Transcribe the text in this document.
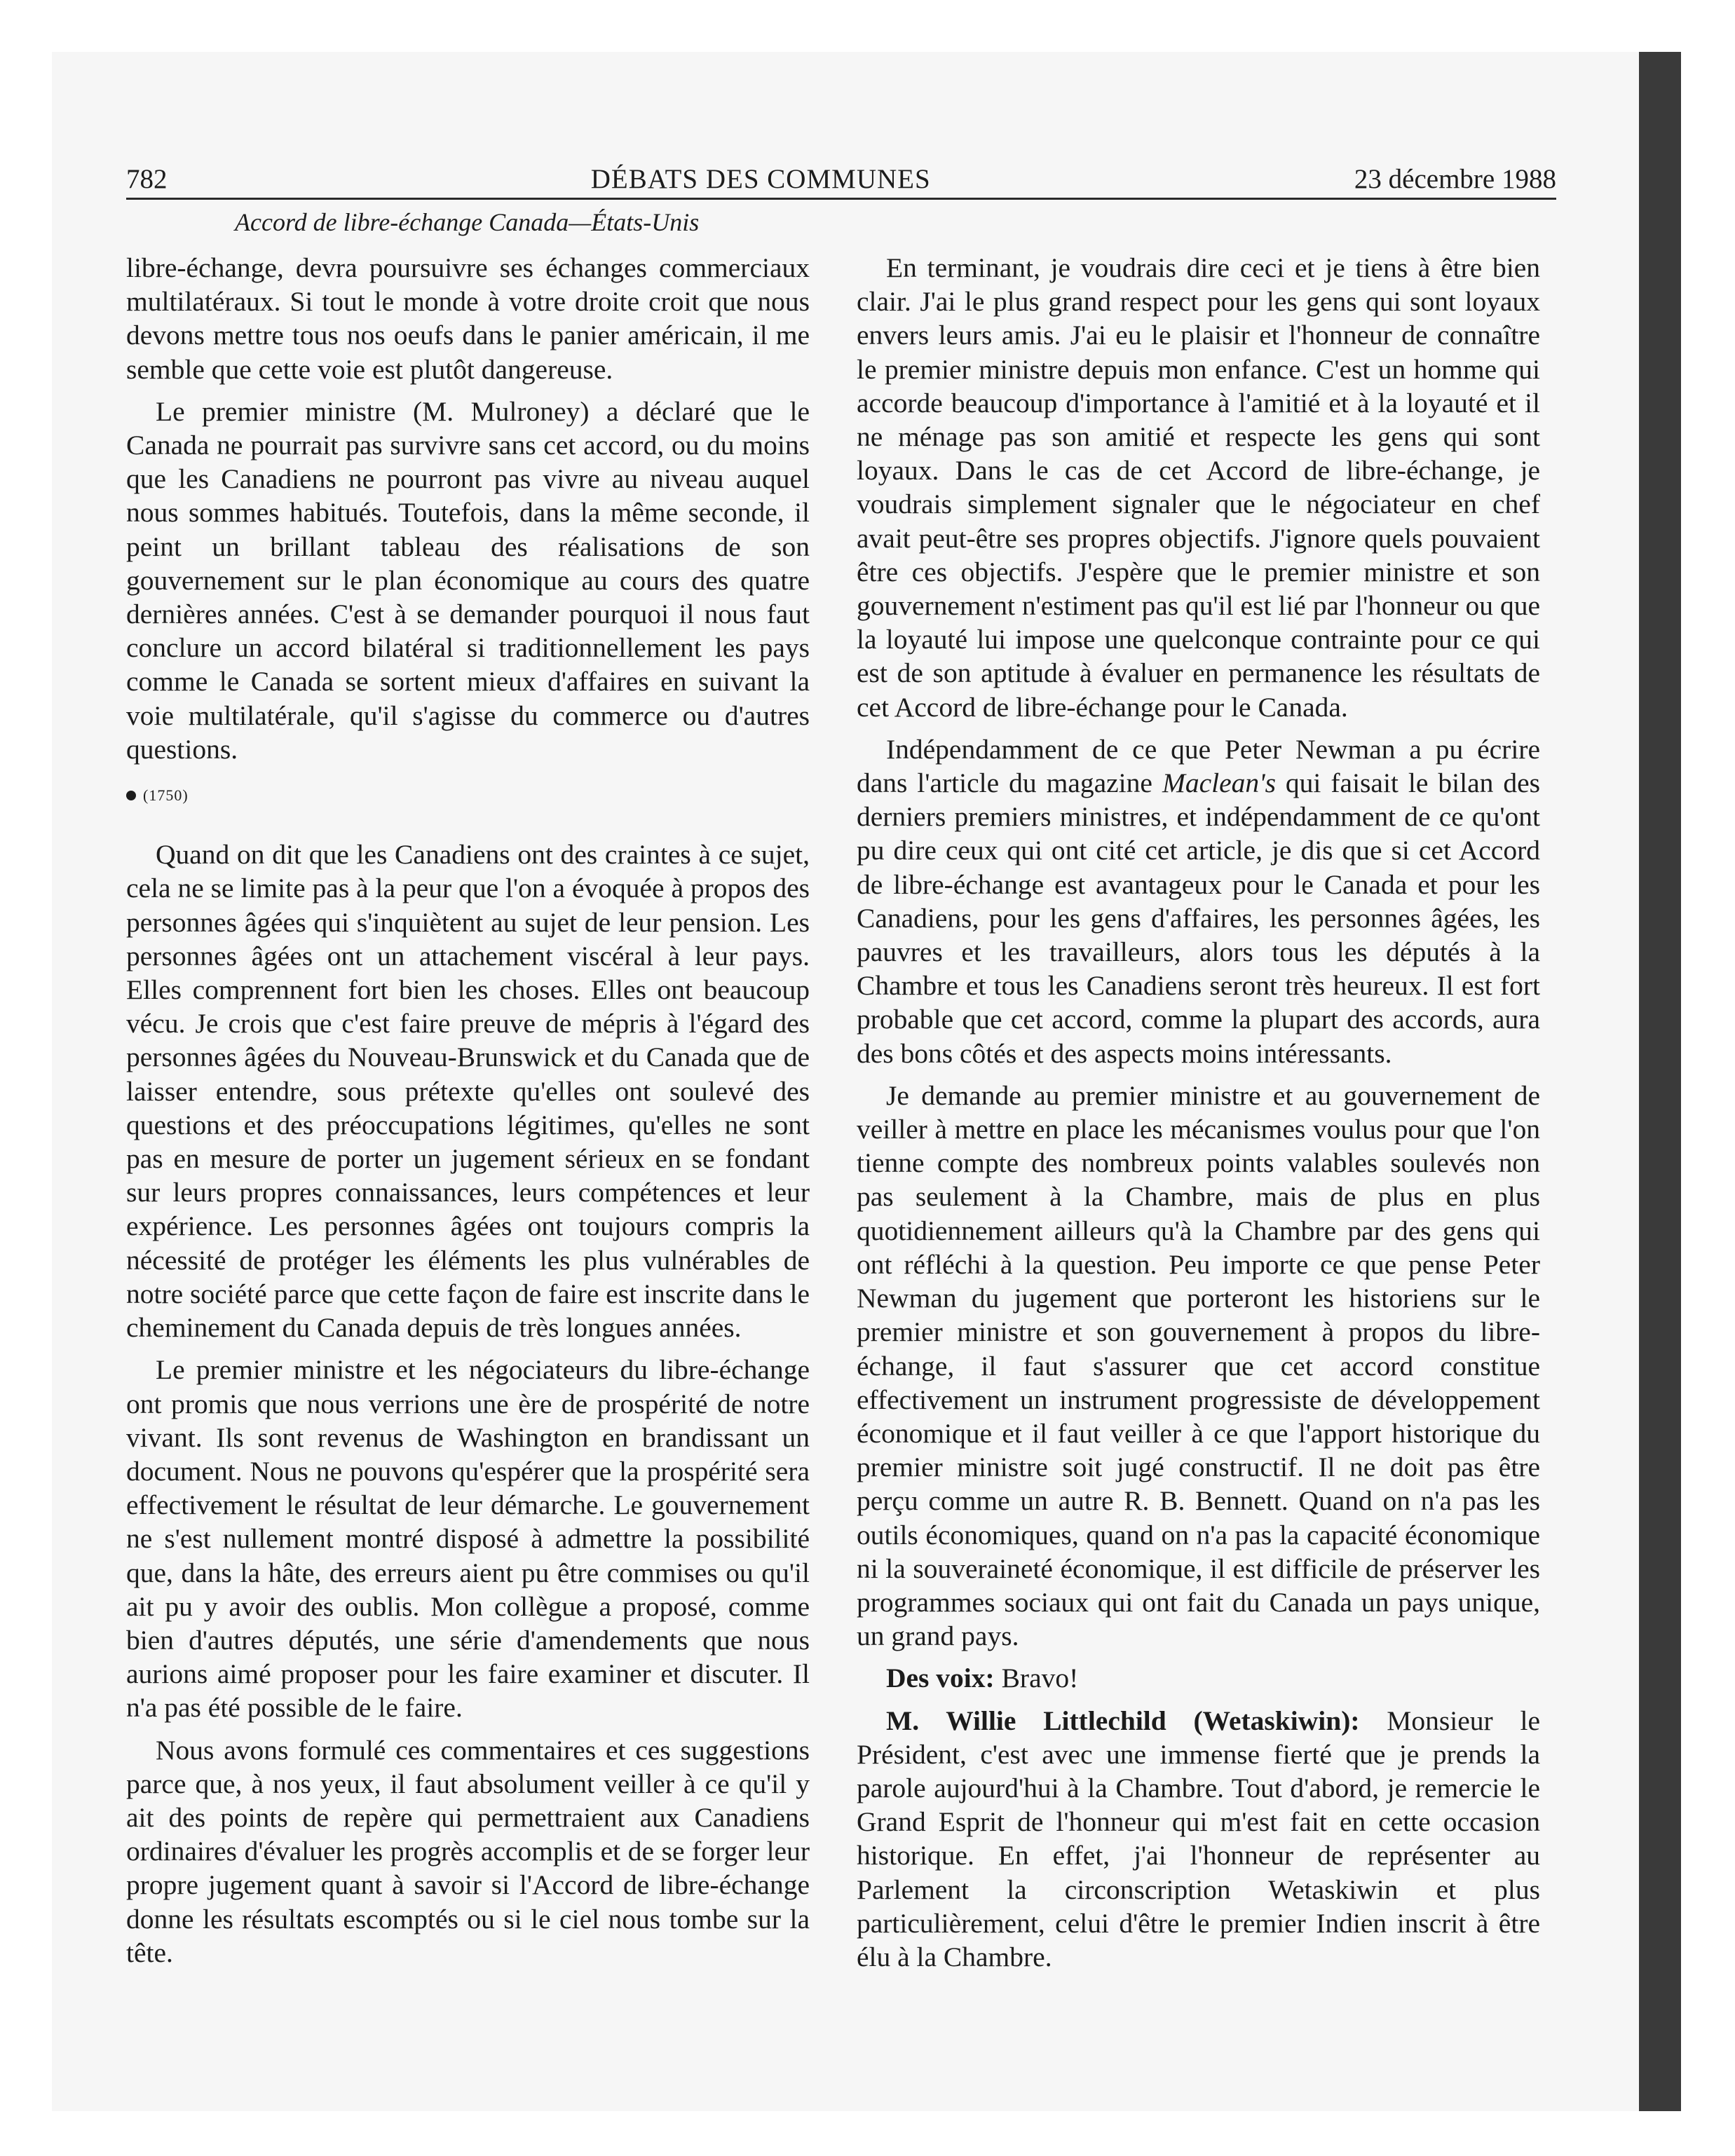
782	DÉBATS DES COMMUNES	23 décembre 1988
Accord de libre-échange Canada—États-Unis

libre-échange, devra poursuivre ses échanges commerciaux multilatéraux. Si tout le monde à votre droite croit que nous devons mettre tous nos oeufs dans le panier américain, il me semble que cette voie est plutôt dangereuse.

Le premier ministre (M. Mulroney) a déclaré que le Canada ne pourrait pas survivre sans cet accord, ou du moins que les Canadiens ne pourront pas vivre au niveau auquel nous sommes habitués. Toutefois, dans la même seconde, il peint un brillant tableau des réalisations de son gouvernement sur le plan économique au cours des quatre dernières années. C'est à se demander pourquoi il nous faut conclure un accord bilatéral si traditionnellement les pays comme le Canada se sortent mieux d'affaires en suivant la voie multilatérale, qu'il s'agisse du commerce ou d'autres questions.

(1750)

Quand on dit que les Canadiens ont des craintes à ce sujet, cela ne se limite pas à la peur que l'on a évoquée à propos des personnes âgées qui s'inquiètent au sujet de leur pension. Les personnes âgées ont un attachement viscéral à leur pays. Elles comprennent fort bien les choses. Elles ont beaucoup vécu. Je crois que c'est faire preuve de mépris à l'égard des personnes âgées du Nouveau-Brunswick et du Canada que de laisser entendre, sous prétexte qu'elles ont soulevé des questions et des préoccupations légitimes, qu'elles ne sont pas en mesure de porter un jugement sérieux en se fondant sur leurs propres connaissances, leurs compétences et leur expérience. Les personnes âgées ont toujours compris la nécessité de protéger les éléments les plus vulnérables de notre société parce que cette façon de faire est inscrite dans le cheminement du Canada depuis de très longues années.

Le premier ministre et les négociateurs du libre-échange ont promis que nous verrions une ère de prospérité de notre vivant. Ils sont revenus de Washington en brandissant un document. Nous ne pouvons qu'espérer que la prospérité sera effectivement le résultat de leur démarche. Le gouvernement ne s'est nullement montré disposé à admettre la possibilité que, dans la hâte, des erreurs aient pu être commises ou qu'il ait pu y avoir des oublis. Mon collègue a proposé, comme bien d'autres députés, une série d'amendements que nous aurions aimé proposer pour les faire examiner et discuter. Il n'a pas été possible de le faire.

Nous avons formulé ces commentaires et ces suggestions parce que, à nos yeux, il faut absolument veiller à ce qu'il y ait des points de repère qui permettraient aux Canadiens ordinaires d'évaluer les progrès accomplis et de se forger leur propre jugement quant à savoir si l'Accord de libre-échange donne les résultats escomptés ou si le ciel nous tombe sur la tête.

En terminant, je voudrais dire ceci et je tiens à être bien clair. J'ai le plus grand respect pour les gens qui sont loyaux envers leurs amis. J'ai eu le plaisir et l'honneur de connaître le premier ministre depuis mon enfance. C'est un homme qui accorde beaucoup d'importance à l'amitié et à la loyauté et il ne ménage pas son amitié et respecte les gens qui sont loyaux. Dans le cas de cet Accord de libre-échange, je voudrais simplement signaler que le négociateur en chef avait peut-être ses propres objectifs. J'ignore quels pouvaient être ces objectifs. J'espère que le premier ministre et son gouvernement n'estiment pas qu'il est lié par l'honneur ou que la loyauté lui impose une quelconque contrainte pour ce qui est de son aptitude à évaluer en permanence les résultats de cet Accord de libre-échange pour le Canada.

Indépendamment de ce que Peter Newman a pu écrire dans l'article du magazine Maclean's qui faisait le bilan des derniers premiers ministres, et indépendamment de ce qu'ont pu dire ceux qui ont cité cet article, je dis que si cet Accord de libre-échange est avantageux pour le Canada et pour les Canadiens, pour les gens d'affaires, les personnes âgées, les pauvres et les travailleurs, alors tous les députés à la Chambre et tous les Canadiens seront très heureux. Il est fort probable que cet accord, comme la plupart des accords, aura des bons côtés et des aspects moins intéressants.

Je demande au premier ministre et au gouvernement de veiller à mettre en place les mécanismes voulus pour que l'on tienne compte des nombreux points valables soulevés non pas seulement à la Chambre, mais de plus en plus quotidiennement ailleurs qu'à la Chambre par des gens qui ont réfléchi à la question. Peu importe ce que pense Peter Newman du jugement que porteront les historiens sur le premier ministre et son gouvernement à propos du libre-échange, il faut s'assurer que cet accord constitue effectivement un instrument progressiste de développement économique et il faut veiller à ce que l'apport historique du premier ministre soit jugé constructif. Il ne doit pas être perçu comme un autre R. B. Bennett. Quand on n'a pas les outils économiques, quand on n'a pas la capacité économique ni la souveraineté économique, il est difficile de préserver les programmes sociaux qui ont fait du Canada un pays unique, un grand pays.

Des voix: Bravo!

M. Willie Littlechild (Wetaskiwin): Monsieur le Président, c'est avec une immense fierté que je prends la parole aujourd'hui à la Chambre. Tout d'abord, je remercie le Grand Esprit de l'honneur qui m'est fait en cette occasion historique. En effet, j'ai l'honneur de représenter au Parlement la circonscription Wetaskiwin et plus particulièrement, celui d'être le premier Indien inscrit à être élu à la Chambre.
